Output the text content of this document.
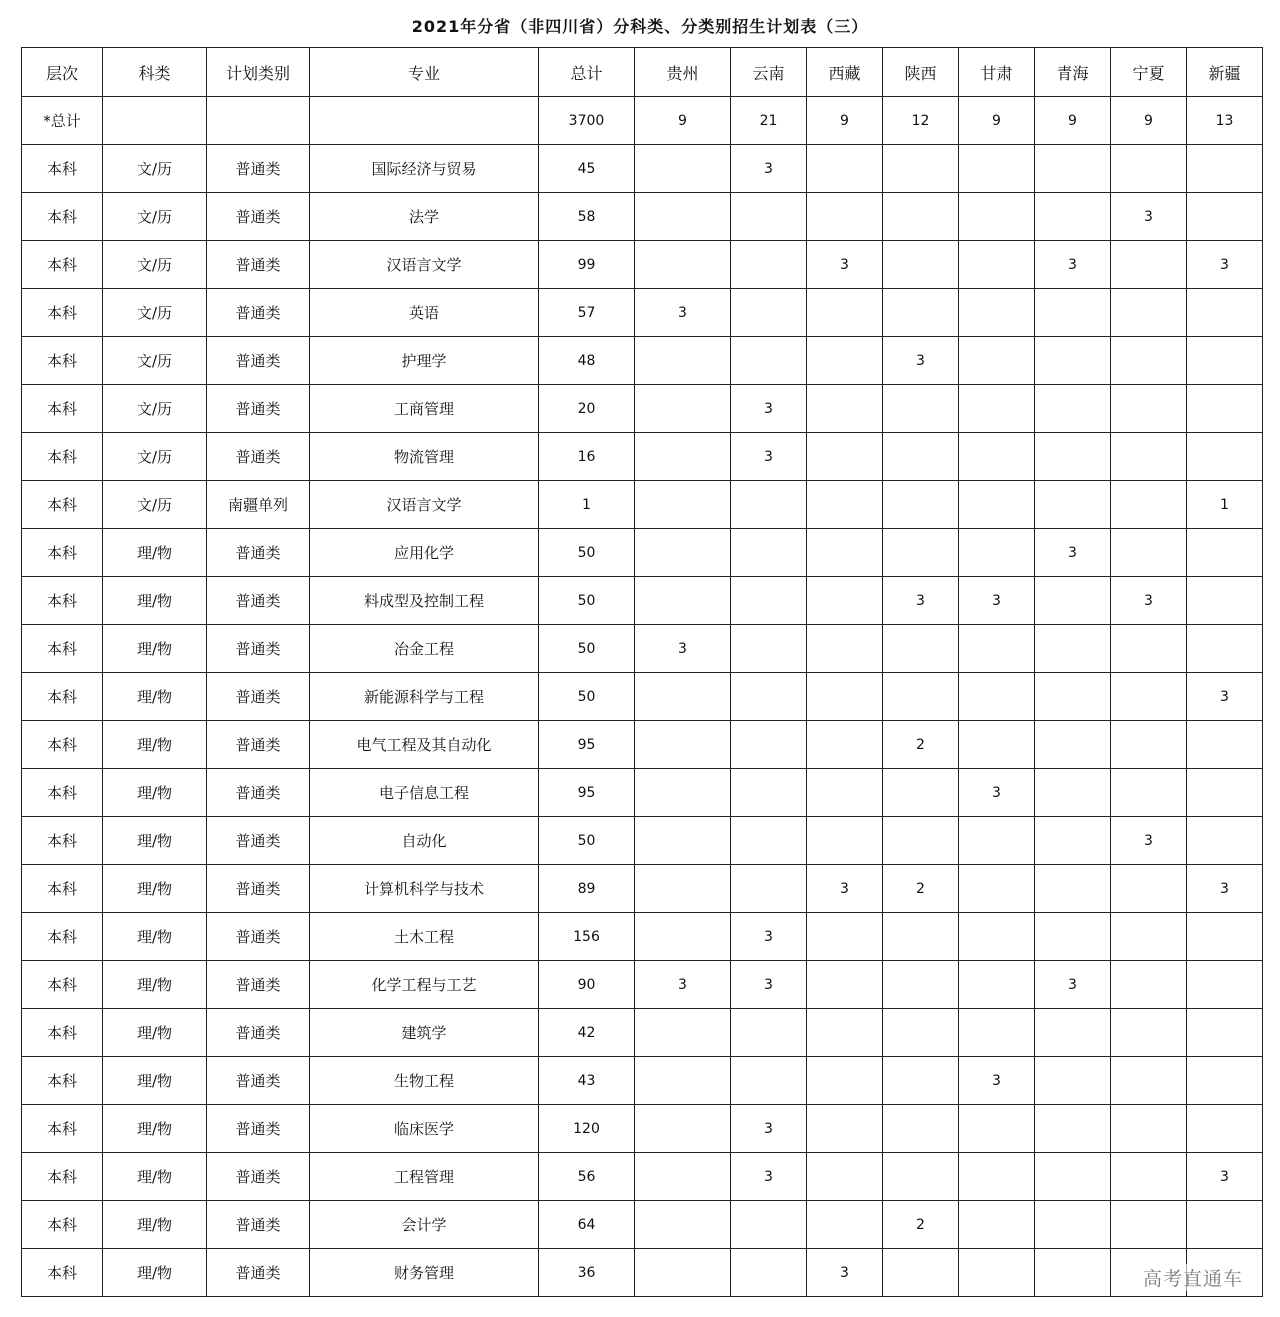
2021年分省（非四川省）分科类、分类别招生计划表（三）
层次	科类	计划类别	专业	总计	贵州	云南	西藏	陕西	甘肃	青海	宁夏	新疆
*总计				3700	9	21	9	12	9	9	9	13
本科	文/历	普通类	国际经济与贸易	45		3						
本科	文/历	普通类	法学	58							3	
本科	文/历	普通类	汉语言文学	99			3			3		3
本科	文/历	普通类	英语	57	3							
本科	文/历	普通类	护理学	48				3				
本科	文/历	普通类	工商管理	20		3						
本科	文/历	普通类	物流管理	16		3						
本科	文/历	南疆单列	汉语言文学	1								1
本科	理/物	普通类	应用化学	50						3		
本科	理/物	普通类	料成型及控制工程	50				3	3		3	
本科	理/物	普通类	冶金工程	50	3							
本科	理/物	普通类	新能源科学与工程	50								3
本科	理/物	普通类	电气工程及其自动化	95				2				
本科	理/物	普通类	电子信息工程	95					3			
本科	理/物	普通类	自动化	50							3	
本科	理/物	普通类	计算机科学与技术	89			3	2				3
本科	理/物	普通类	土木工程	156		3						
本科	理/物	普通类	化学工程与工艺	90	3	3				3		
本科	理/物	普通类	建筑学	42								
本科	理/物	普通类	生物工程	43					3			
本科	理/物	普通类	临床医学	120		3						
本科	理/物	普通类	工程管理	56		3						3
本科	理/物	普通类	会计学	64				2				
本科	理/物	普通类	财务管理	36			3						高考直通车
